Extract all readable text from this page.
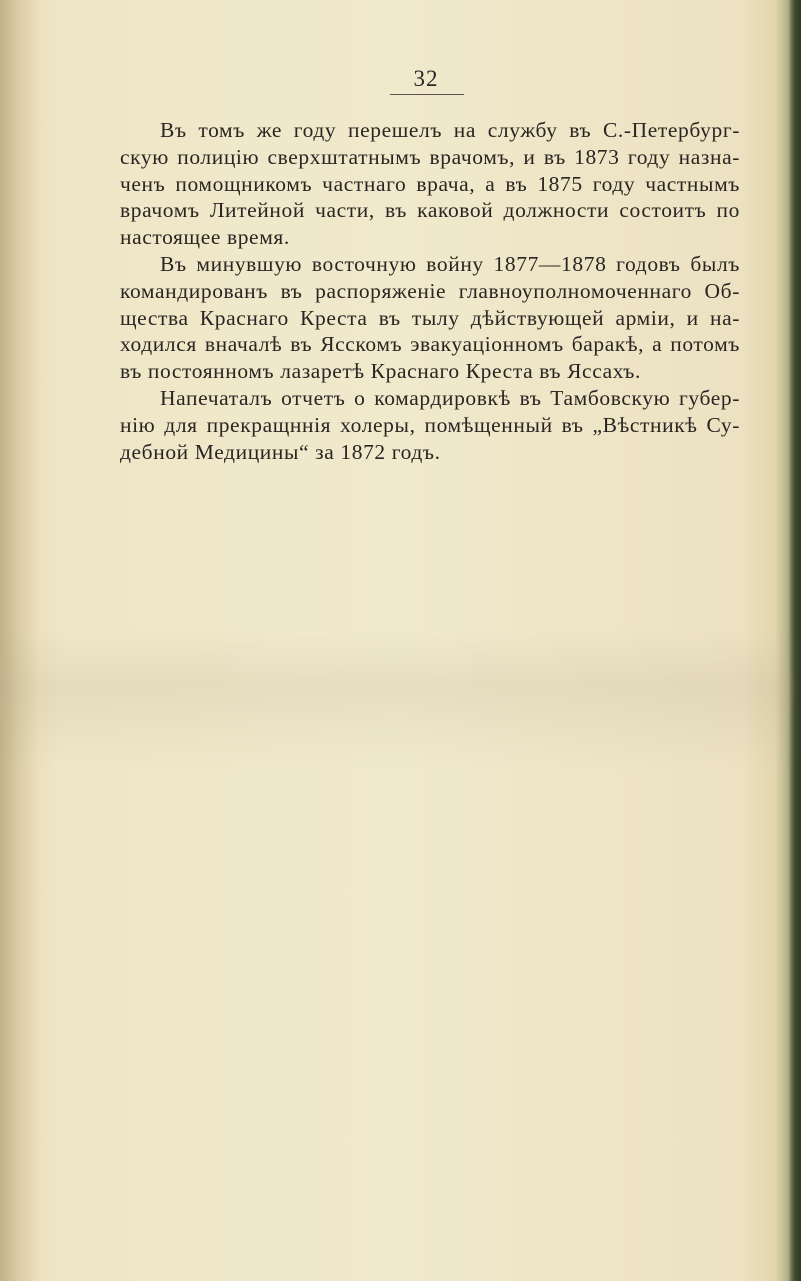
32
Въ томъ же году перешелъ на службу въ С.-Петербург-
скую полицію сверхштатнымъ врачомъ, и въ 1873 году назна-
ченъ помощникомъ частнаго врача, а въ 1875 году частнымъ
врачомъ Литейной части, въ каковой должности состоитъ по
настоящее время.
Въ минувшую восточную войну 1877—1878 годовъ былъ
командированъ въ распоряженіе главноуполномоченнаго Об-
щества Краснаго Креста въ тылу дѣйствующей арміи, и на-
ходился вначалѣ въ Ясскомъ эвакуаціонномъ баракѣ, а потомъ
въ постоянномъ лазаретѣ Краснаго Креста въ Яссахъ.
Напечаталъ отчетъ о комардировкѣ въ Тамбовскую губер-
нію для прекращннія холеры, помѣщенный въ „Вѣстникѣ Су-
дебной Медицины“ за 1872 годъ.
